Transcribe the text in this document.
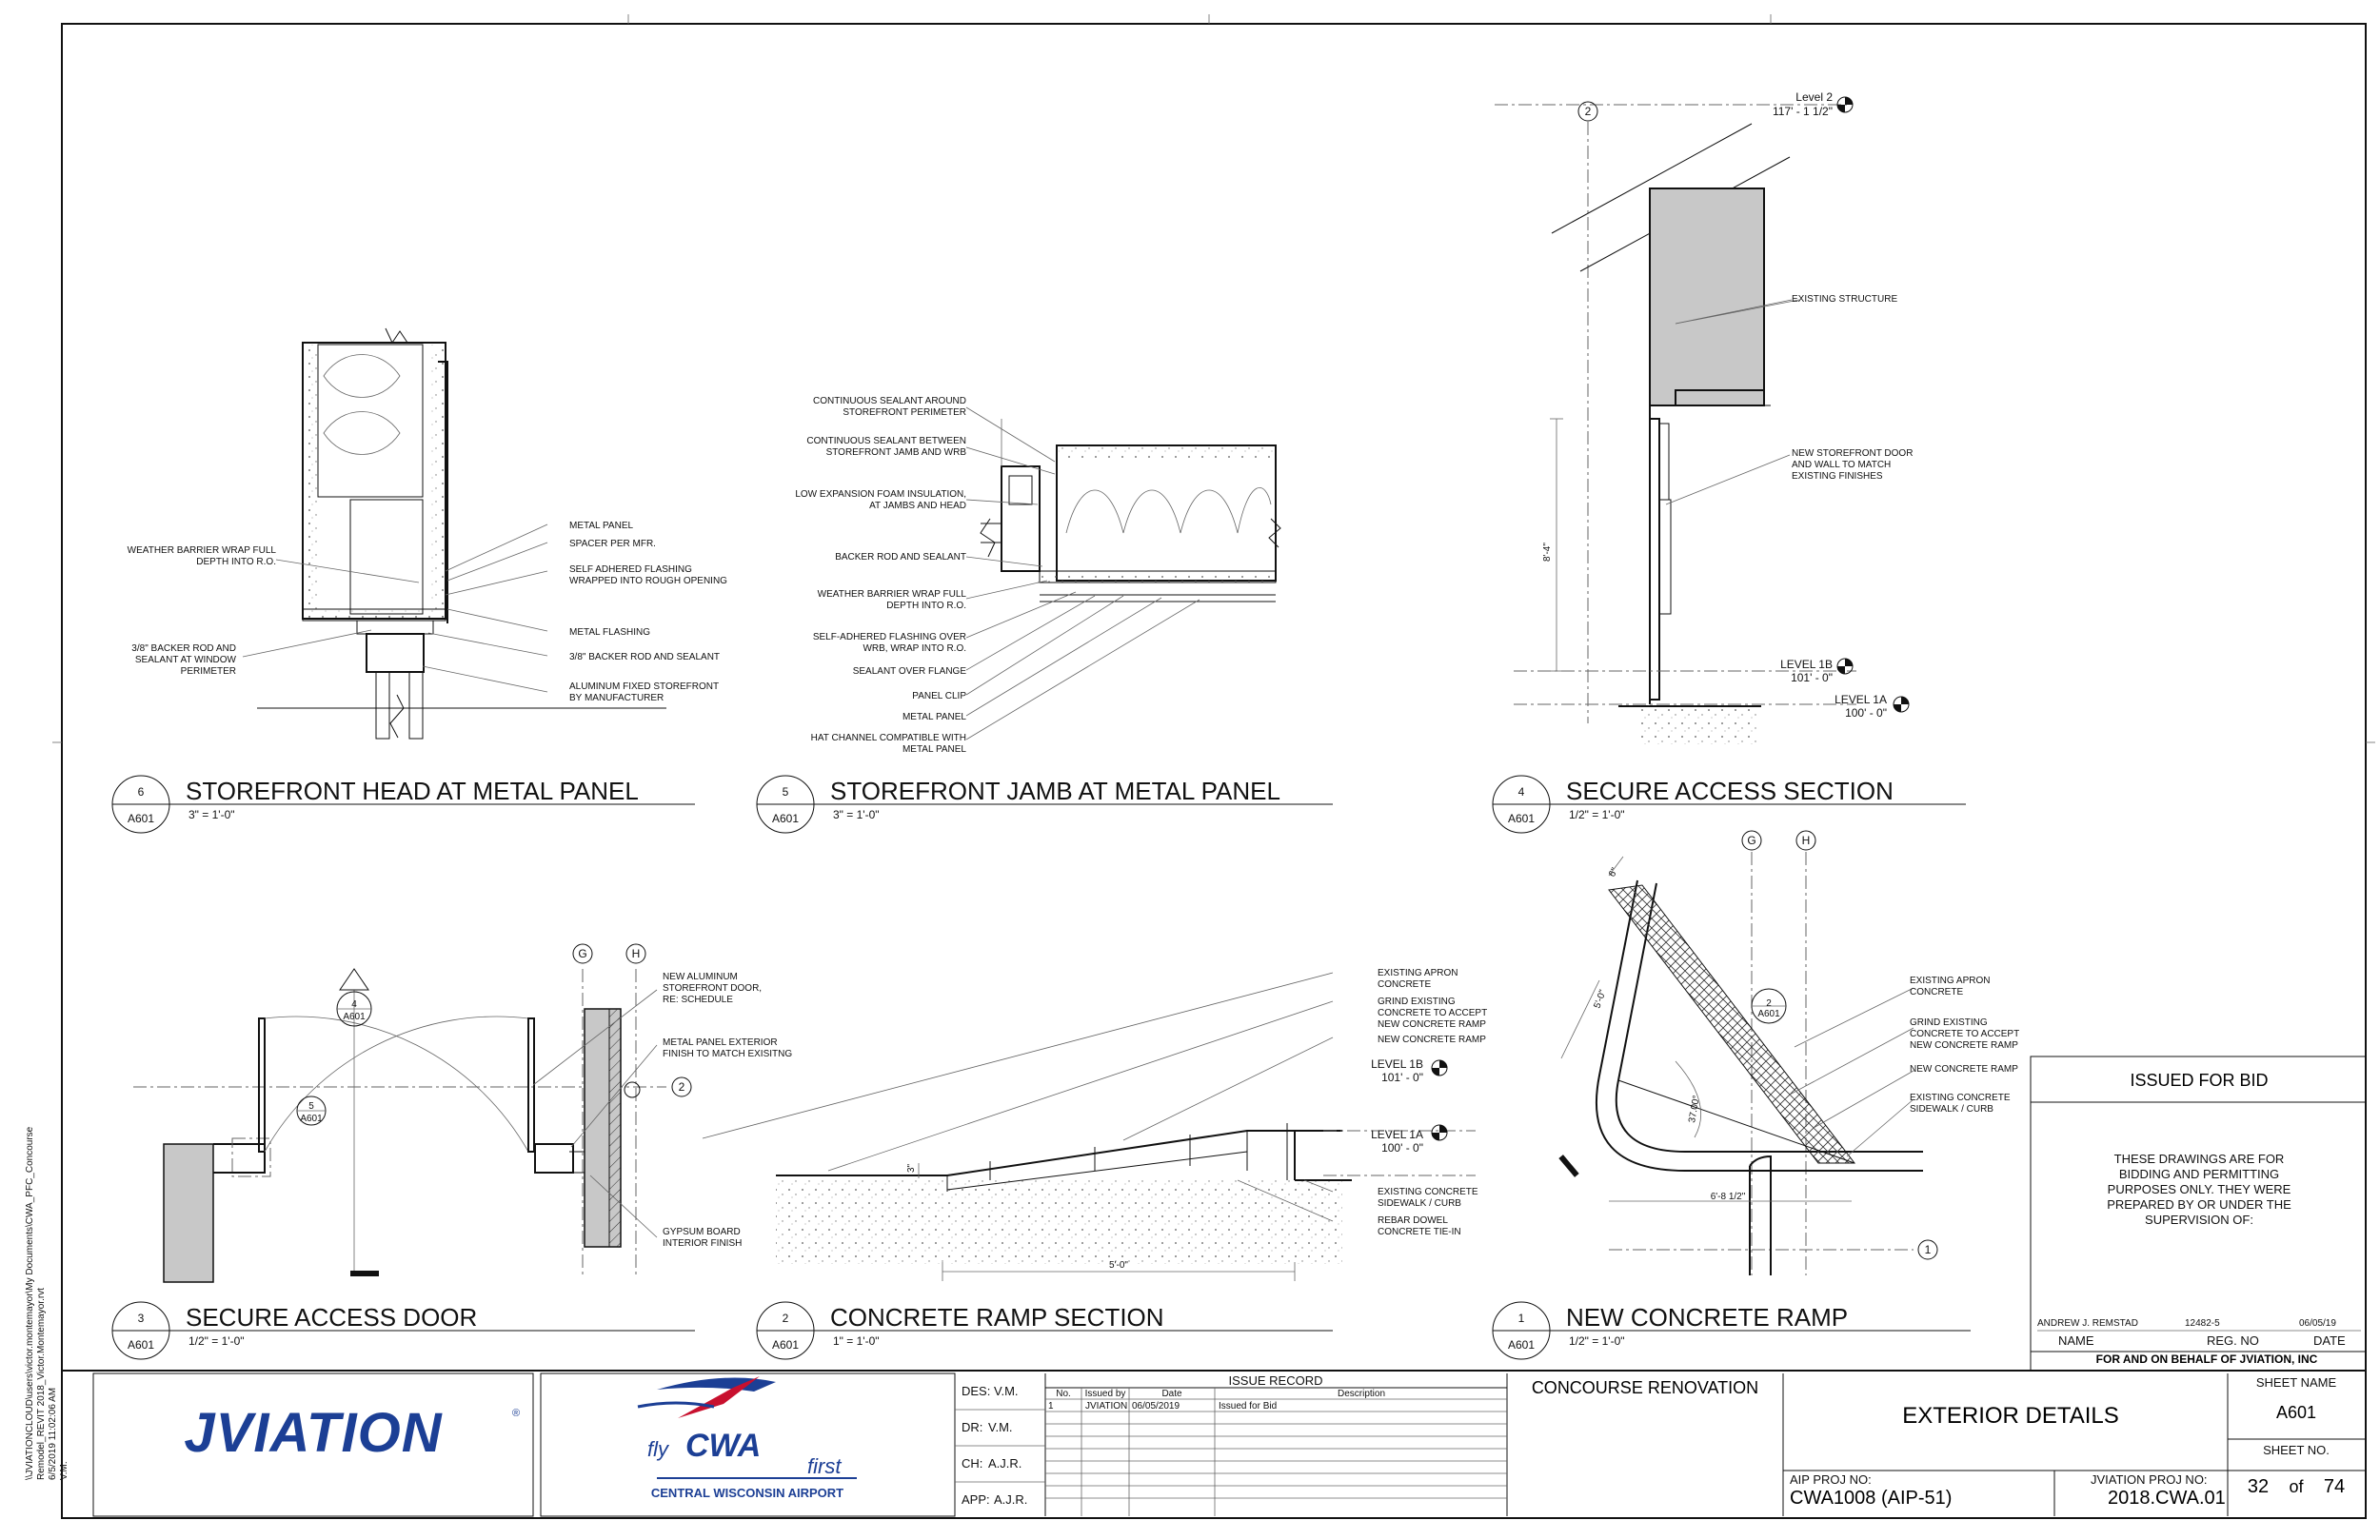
\\JVIATIONCLOUD\users\victor.montemayor\My Documents\CWA_PFC_Concourse Remodel_REVIT 2018_Victor.Montemayor.rvt 6/5/2019 11:02:06 AM V.M.
WEATHER BARRIER WRAP FULL
DEPTH INTO R.O.
3/8" BACKER ROD AND
SEALANT AT WINDOW
PERIMETER
METAL PANEL
SPACER PER MFR.
SELF ADHERED FLASHING
WRAPPED INTO ROUGH OPENING
METAL FLASHING
3/8" BACKER ROD AND SEALANT
ALUMINUM FIXED STOREFRONT
BY MANUFACTURER
CONTINUOUS SEALANT AROUND
STOREFRONT PERIMETER
CONTINUOUS SEALANT BETWEEN
STOREFRONT JAMB AND WRB
LOW EXPANSION FOAM INSULATION,
AT JAMBS AND HEAD
BACKER ROD AND SEALANT
WEATHER BARRIER WRAP FULL
DEPTH INTO R.O.
SELF-ADHERED FLASHING OVER
WRB, WRAP INTO R.O.
SEALANT OVER FLANGE
PANEL CLIP
METAL PANEL
HAT CHANNEL COMPATIBLE WITH
METAL PANEL
2
8'-4"
Level 2
117' - 1 1/2"
EXISTING STRUCTURE
NEW STOREFRONT DOOR
AND WALL TO MATCH
EXISTING FINISHES
LEVEL 1B
101' - 0"
LEVEL 1A
100' - 0"
G	H
2
4
A601
5
A601
NEW ALUMINUM
STOREFRONT DOOR,
RE: SCHEDULE
METAL PANEL EXTERIOR
FINISH TO MATCH EXISITNG
GYPSUM BOARD
INTERIOR FINISH
5'-0"
3"
EXISTING APRON
CONCRETE
GRIND EXISTING
CONCRETE TO ACCEPT
NEW CONCRETE RAMP
NEW CONCRETE RAMP
LEVEL 1B
101' - 0"
LEVEL 1A
100' - 0"
EXISTING CONCRETE
SIDEWALK / CURB
REBAR DOWEL
CONCRETE TIE-IN
G	H
1
2
A601
5'-0"
37.00°
6'-8 1/2"
6"
EXISTING APRON
CONCRETE
GRIND EXISTING
CONCRETE TO ACCEPT
NEW CONCRETE RAMP
NEW CONCRETE RAMP
EXISTING CONCRETE
SIDEWALK / CURB
6
A601
STOREFRONT HEAD AT METAL PANEL
3" = 1'-0"
5
A601
STOREFRONT JAMB AT METAL PANEL
3" = 1'-0"
4
A601
SECURE ACCESS SECTION
1/2" = 1'-0"
3
A601
SECURE ACCESS DOOR
1/2" = 1'-0"
2
A601
CONCRETE RAMP SECTION
1" = 1'-0"
1
A601
NEW CONCRETE RAMP
1/2" = 1'-0"
ISSUED FOR BID
THESE DRAWINGS ARE FOR
BIDDING AND PERMITTING
PURPOSES ONLY. THEY WERE
PREPARED BY OR UNDER THE
SUPERVISION OF:
ANDREW J. REMSTAD	12482-5	06/05/19
NAME	REG. NO	DATE
FOR AND ON BEHALF OF JVIATION, INC
JVIATION	®
fly CWA
first
CENTRAL WISCONSIN AIRPORT
DES: V.M.
DR: V.M.
CH: A.J.R.
APP: A.J.R.
ISSUE RECORD
No. Issued by	Date	Description
1	JVIATION 06/05/2019	Issued for Bid
CONCOURSE RENOVATION
EXTERIOR DETAILS
SHEET NAME
A601
SHEET NO.
32 of 74
AIP PROJ NO:
CWA1008 (AIP-51)
JVIATION PROJ NO:
2018.CWA.01
